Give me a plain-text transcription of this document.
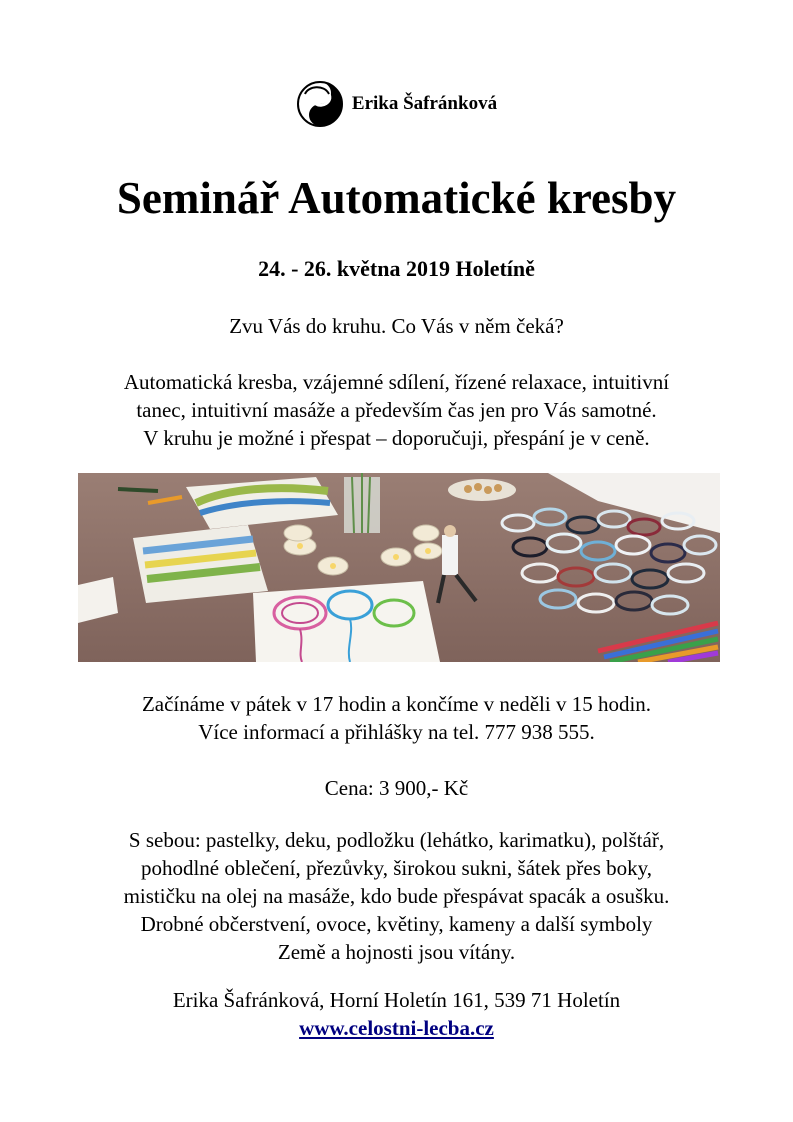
Erika Šafránková
Seminář Automatické kresby
24. - 26. května 2019 Holetíně
Zvu Vás do kruhu. Co Vás v něm čeká?
Automatická kresba, vzájemné sdílení, řízené relaxace, intuitivní
tanec, intuitivní masáže a především čas jen pro Vás samotné.
V kruhu je možné i přespat – doporučuji, přespání je v ceně.
Začínáme v pátek v 17 hodin a končíme v neděli v 15 hodin.
Více informací a přihlášky na tel. 777 938 555.
Cena: 3 900,- Kč
S sebou: pastelky, deku, podložku (lehátko, karimatku), polštář,
pohodlné oblečení, přezůvky, širokou sukni, šátek přes boky,
mističku na olej na masáže, kdo bude přespávat spacák a osušku.
Drobné občerstvení, ovoce, květiny, kameny a další symboly
Země a hojnosti jsou vítány.
Erika Šafránková, Horní Holetín 161, 539 71 Holetín
www.celostni-lecba.cz
